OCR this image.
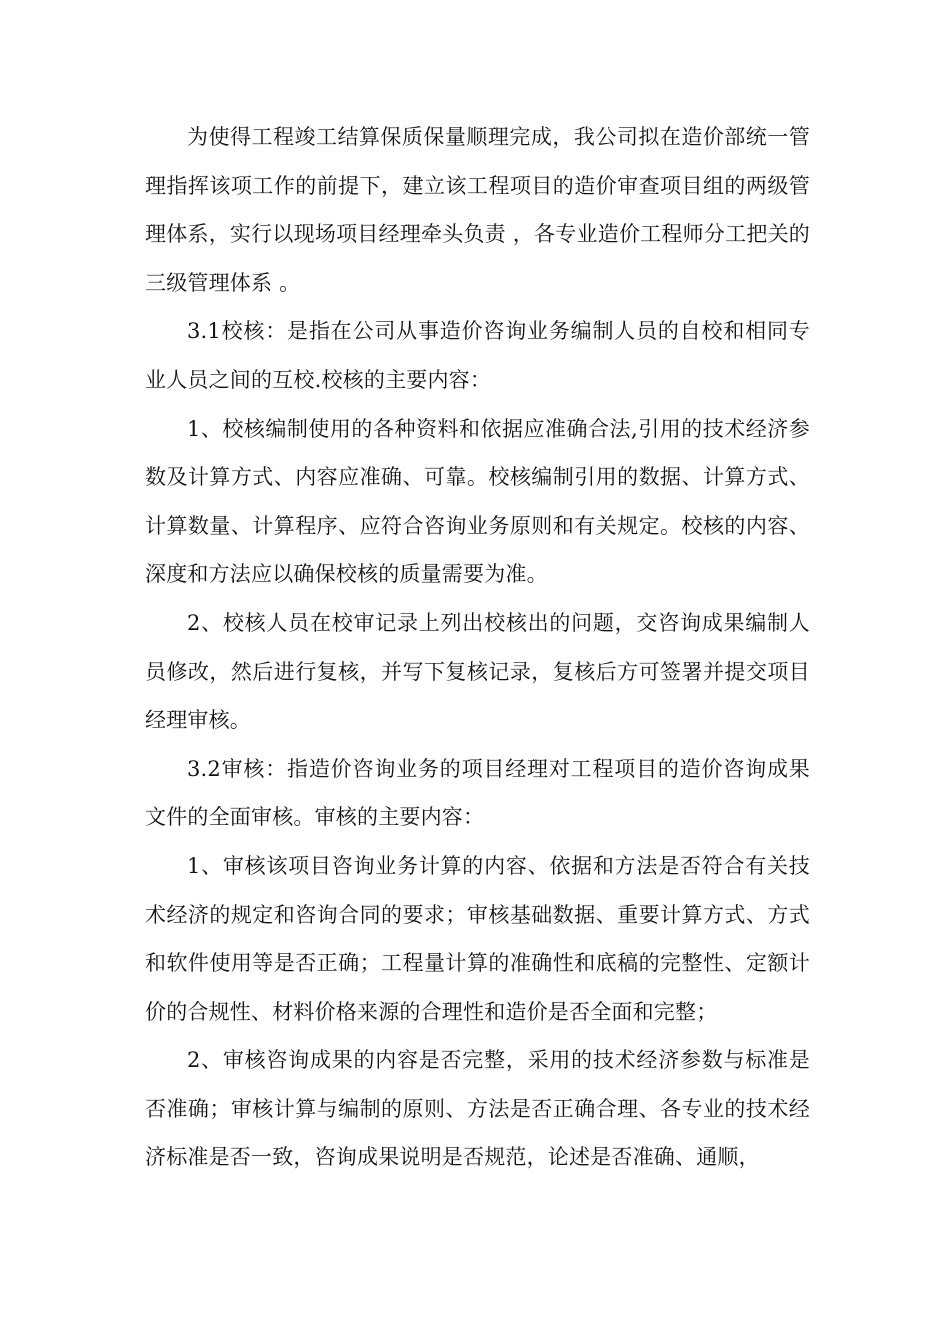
为使得工程竣工结算保质保量顺理完成，我公司拟在造价部统一管理指挥该项工作的前提下，建立该工程项目的造价审查项目组的两级管理体系，实行以现场项目经理牵头负责 ，各专业造价工程师分工把关的 三级管理体系 。

3.1校核：是指在公司从事造价咨询业务编制人员的自校和相同专业人员之间的互校.校核的主要内容：

1、校核编制使用的各种资料和依据应准确合法,引用的技术经济参数及计算方式、内容应准确、可靠。校核编制引用的数据、计算方式、计算数量、计算程序、应符合咨询业务原则和有关规定。校核的内容、深度和方法应以确保校核的质量需要为准。

2、校核人员在校审记录上列出校核出的问题，交咨询成果编制人员修改，然后进行复核，并写下复核记录，复核后方可签署并提交项目经理审核。

3.2审核：指造价咨询业务的项目经理对工程项目的造价咨询成果文件的全面审核。审核的主要内容：

1、审核该项目咨询业务计算的内容、依据和方法是否符合有关技术经济的规定和咨询合同的要求；审核基础数据、重要计算方式、方式和软件使用等是否正确；工程量计算的准确性和底稿的完整性、定额计价的合规性、材料价格来源的合理性和造价是否全面和完整；

2、审核咨询成果的内容是否完整，采用的技术经济参数与标准是否准确；审核计算与编制的原则、方法是否正确合理、各专业的技术经济标准是否一致，咨询成果说明是否规范，论述是否准确、通顺，
